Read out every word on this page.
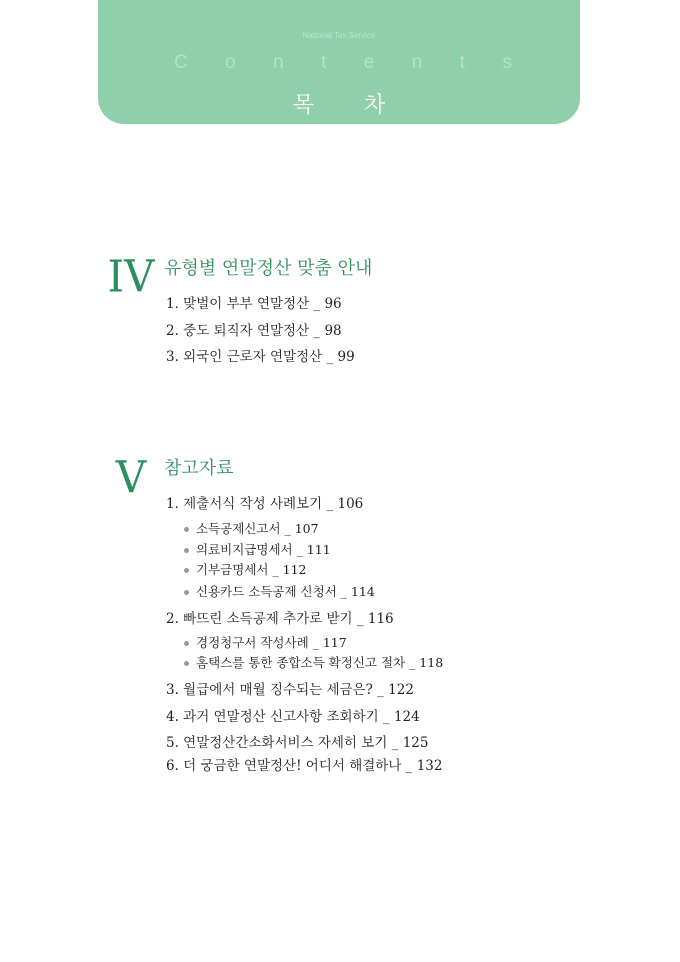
National Tax Service
C o n t e n t s
목 차
IV 유형별 연말정산 맞춤 안내
1. 맞벌이 부부 연말정산 _ 96
2. 중도 퇴직자 연말정산 _ 98
3. 외국인 근로자 연말정산 _ 99
V 참고자료
1. 제출서식 작성 사례보기 _ 106
소득공제신고서 _ 107
의료비지급명세서 _ 111
기부금명세서 _ 112
신용카드 소득공제 신청서 _ 114
2. 빠뜨린 소득공제 추가로 받기 _ 116
경정청구서 작성사례 _ 117
홈택스를 통한 종합소득 확정신고 절차 _ 118
3. 월급에서 매월 징수되는 세금은? _ 122
4. 과거 연말정산 신고사항 조회하기 _ 124
5. 연말정산간소화서비스 자세히 보기 _ 125
6. 더 궁금한 연말정산! 어디서 해결하나 _ 132
